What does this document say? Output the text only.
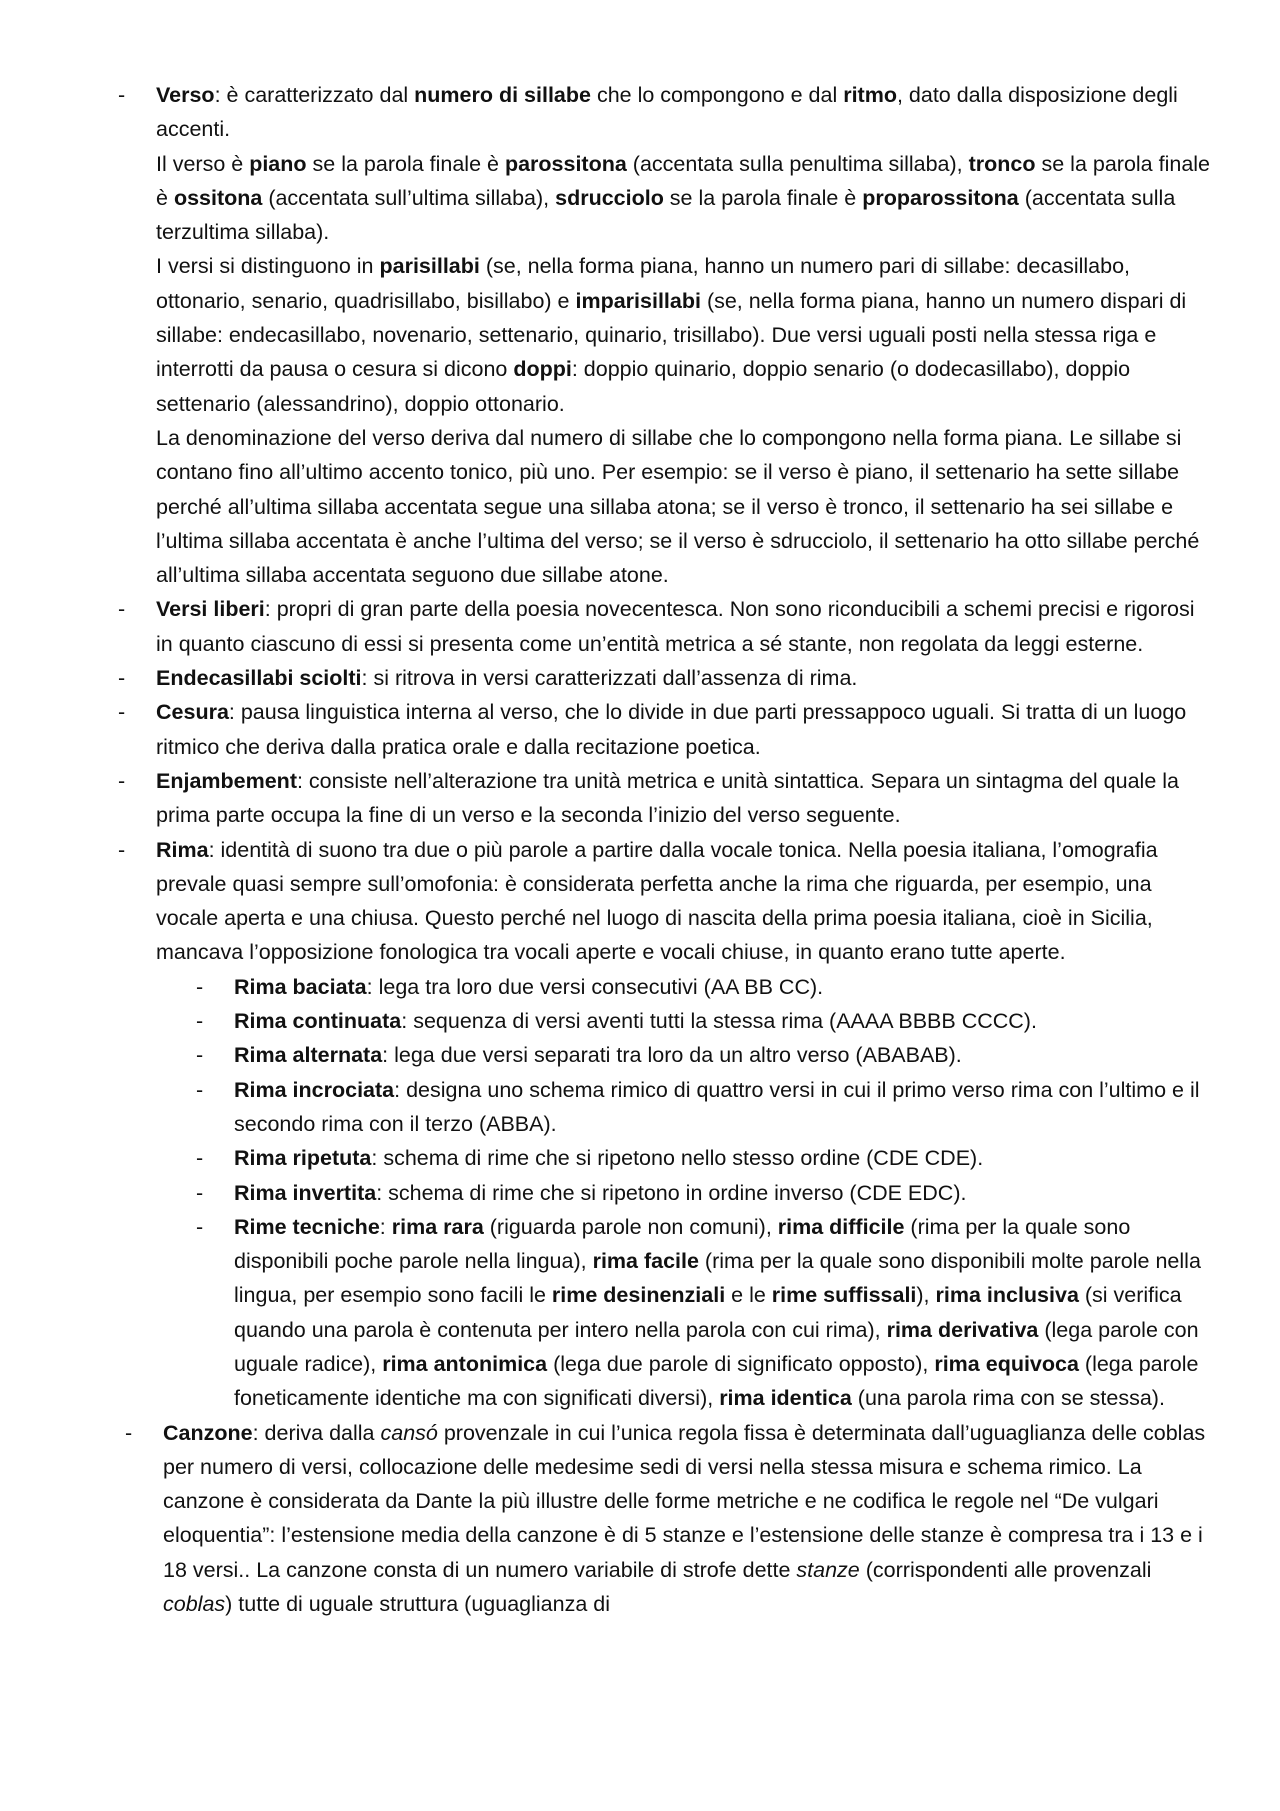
- Verso: è caratterizzato dal numero di sillabe che lo compongono e dal ritmo, dato dalla disposizione degli accenti.
Il verso è piano se la parola finale è parossitona (accentata sulla penultima sillaba), tronco se la parola finale è ossitona (accentata sull’ultima sillaba), sdrucciolo se la parola finale è proparossitona (accentata sulla terzultima sillaba).
I versi si distinguono in parisillabi (se, nella forma piana, hanno un numero pari di sillabe: decasillabo, ottonario, senario, quadrisillabo, bisillabo) e imparisillabi (se, nella forma piana, hanno un numero dispari di sillabe: endecasillabo, novenario, settenario, quinario, trisillabo). Due versi uguali posti nella stessa riga e interrotti da pausa o cesura si dicono doppi: doppio quinario, doppio senario (o dodecasillabo), doppio settenario (alessandrino), doppio ottonario.
La denominazione del verso deriva dal numero di sillabe che lo compongono nella forma piana. Le sillabe si contano fino all’ultimo accento tonico, più uno. Per esempio: se il verso è piano, il settenario ha sette sillabe perché all’ultima sillaba accentata segue una sillaba atona; se il verso è tronco, il settenario ha sei sillabe e l’ultima sillaba accentata è anche l’ultima del verso; se il verso è sdrucciolo, il settenario ha otto sillabe perché all’ultima sillaba accentata seguono due sillabe atone.
- Versi liberi: propri di gran parte della poesia novecentesca. Non sono riconducibili a schemi precisi e rigorosi in quanto ciascuno di essi si presenta come un’entità metrica a sé stante, non regolata da leggi esterne.
- Endecasillabi sciolti: si ritrova in versi caratterizzati dall’assenza di rima.
- Cesura: pausa linguistica interna al verso, che lo divide in due parti pressappoco uguali. Si tratta di un luogo ritmico che deriva dalla pratica orale e dalla recitazione poetica.
- Enjambement: consiste nell’alterazione tra unità metrica e unità sintattica. Separa un sintagma del quale la prima parte occupa la fine di un verso e la seconda l’inizio del verso seguente.
- Rima: identità di suono tra due o più parole a partire dalla vocale tonica. Nella poesia italiana, l’omografia prevale quasi sempre sull’omofonia: è considerata perfetta anche la rima che riguarda, per esempio, una vocale aperta e una chiusa. Questo perché nel luogo di nascita della prima poesia italiana, cioè in Sicilia, mancava l’opposizione fonologica tra vocali aperte e vocali chiuse, in quanto erano tutte aperte.
- Rima baciata: lega tra loro due versi consecutivi (AA BB CC).
- Rima continuata: sequenza di versi aventi tutti la stessa rima (AAAA BBBB CCCC).
- Rima alternata: lega due versi separati tra loro da un altro verso (ABABAB).
- Rima incrociata: designa uno schema rimico di quattro versi in cui il primo verso rima con l’ultimo e il secondo rima con il terzo (ABBA).
- Rima ripetuta: schema di rime che si ripetono nello stesso ordine (CDE CDE).
- Rima invertita: schema di rime che si ripetono in ordine inverso (CDE EDC).
- Rime tecniche: rima rara (riguarda parole non comuni), rima difficile (rima per la quale sono disponibili poche parole nella lingua), rima facile (rima per la quale sono disponibili molte parole nella lingua, per esempio sono facili le rime desinenziali e le rime suffissali), rima inclusiva (si verifica quando una parola è contenuta per intero nella parola con cui rima), rima derivativa (lega parole con uguale radice), rima antonimica (lega due parole di significato opposto), rima equivoca (lega parole foneticamente identiche ma con significati diversi), rima identica (una parola rima con se stessa).
- Canzone: deriva dalla cansó provenzale in cui l’unica regola fissa è determinata dall’uguaglianza delle coblas per numero di versi, collocazione delle medesime sedi di versi nella stessa misura e schema rimico. La canzone è considerata da Dante la più illustre delle forme metriche e ne codifica le regole nel “De vulgari eloquentia”: l’estensione media della canzone è di 5 stanze e l’estensione delle stanze è compresa tra i 13 e i 18 versi.. La canzone consta di un numero variabile di strofe dette stanze (corrispondenti alle provenzali coblas) tutte di uguale struttura (uguaglianza di
